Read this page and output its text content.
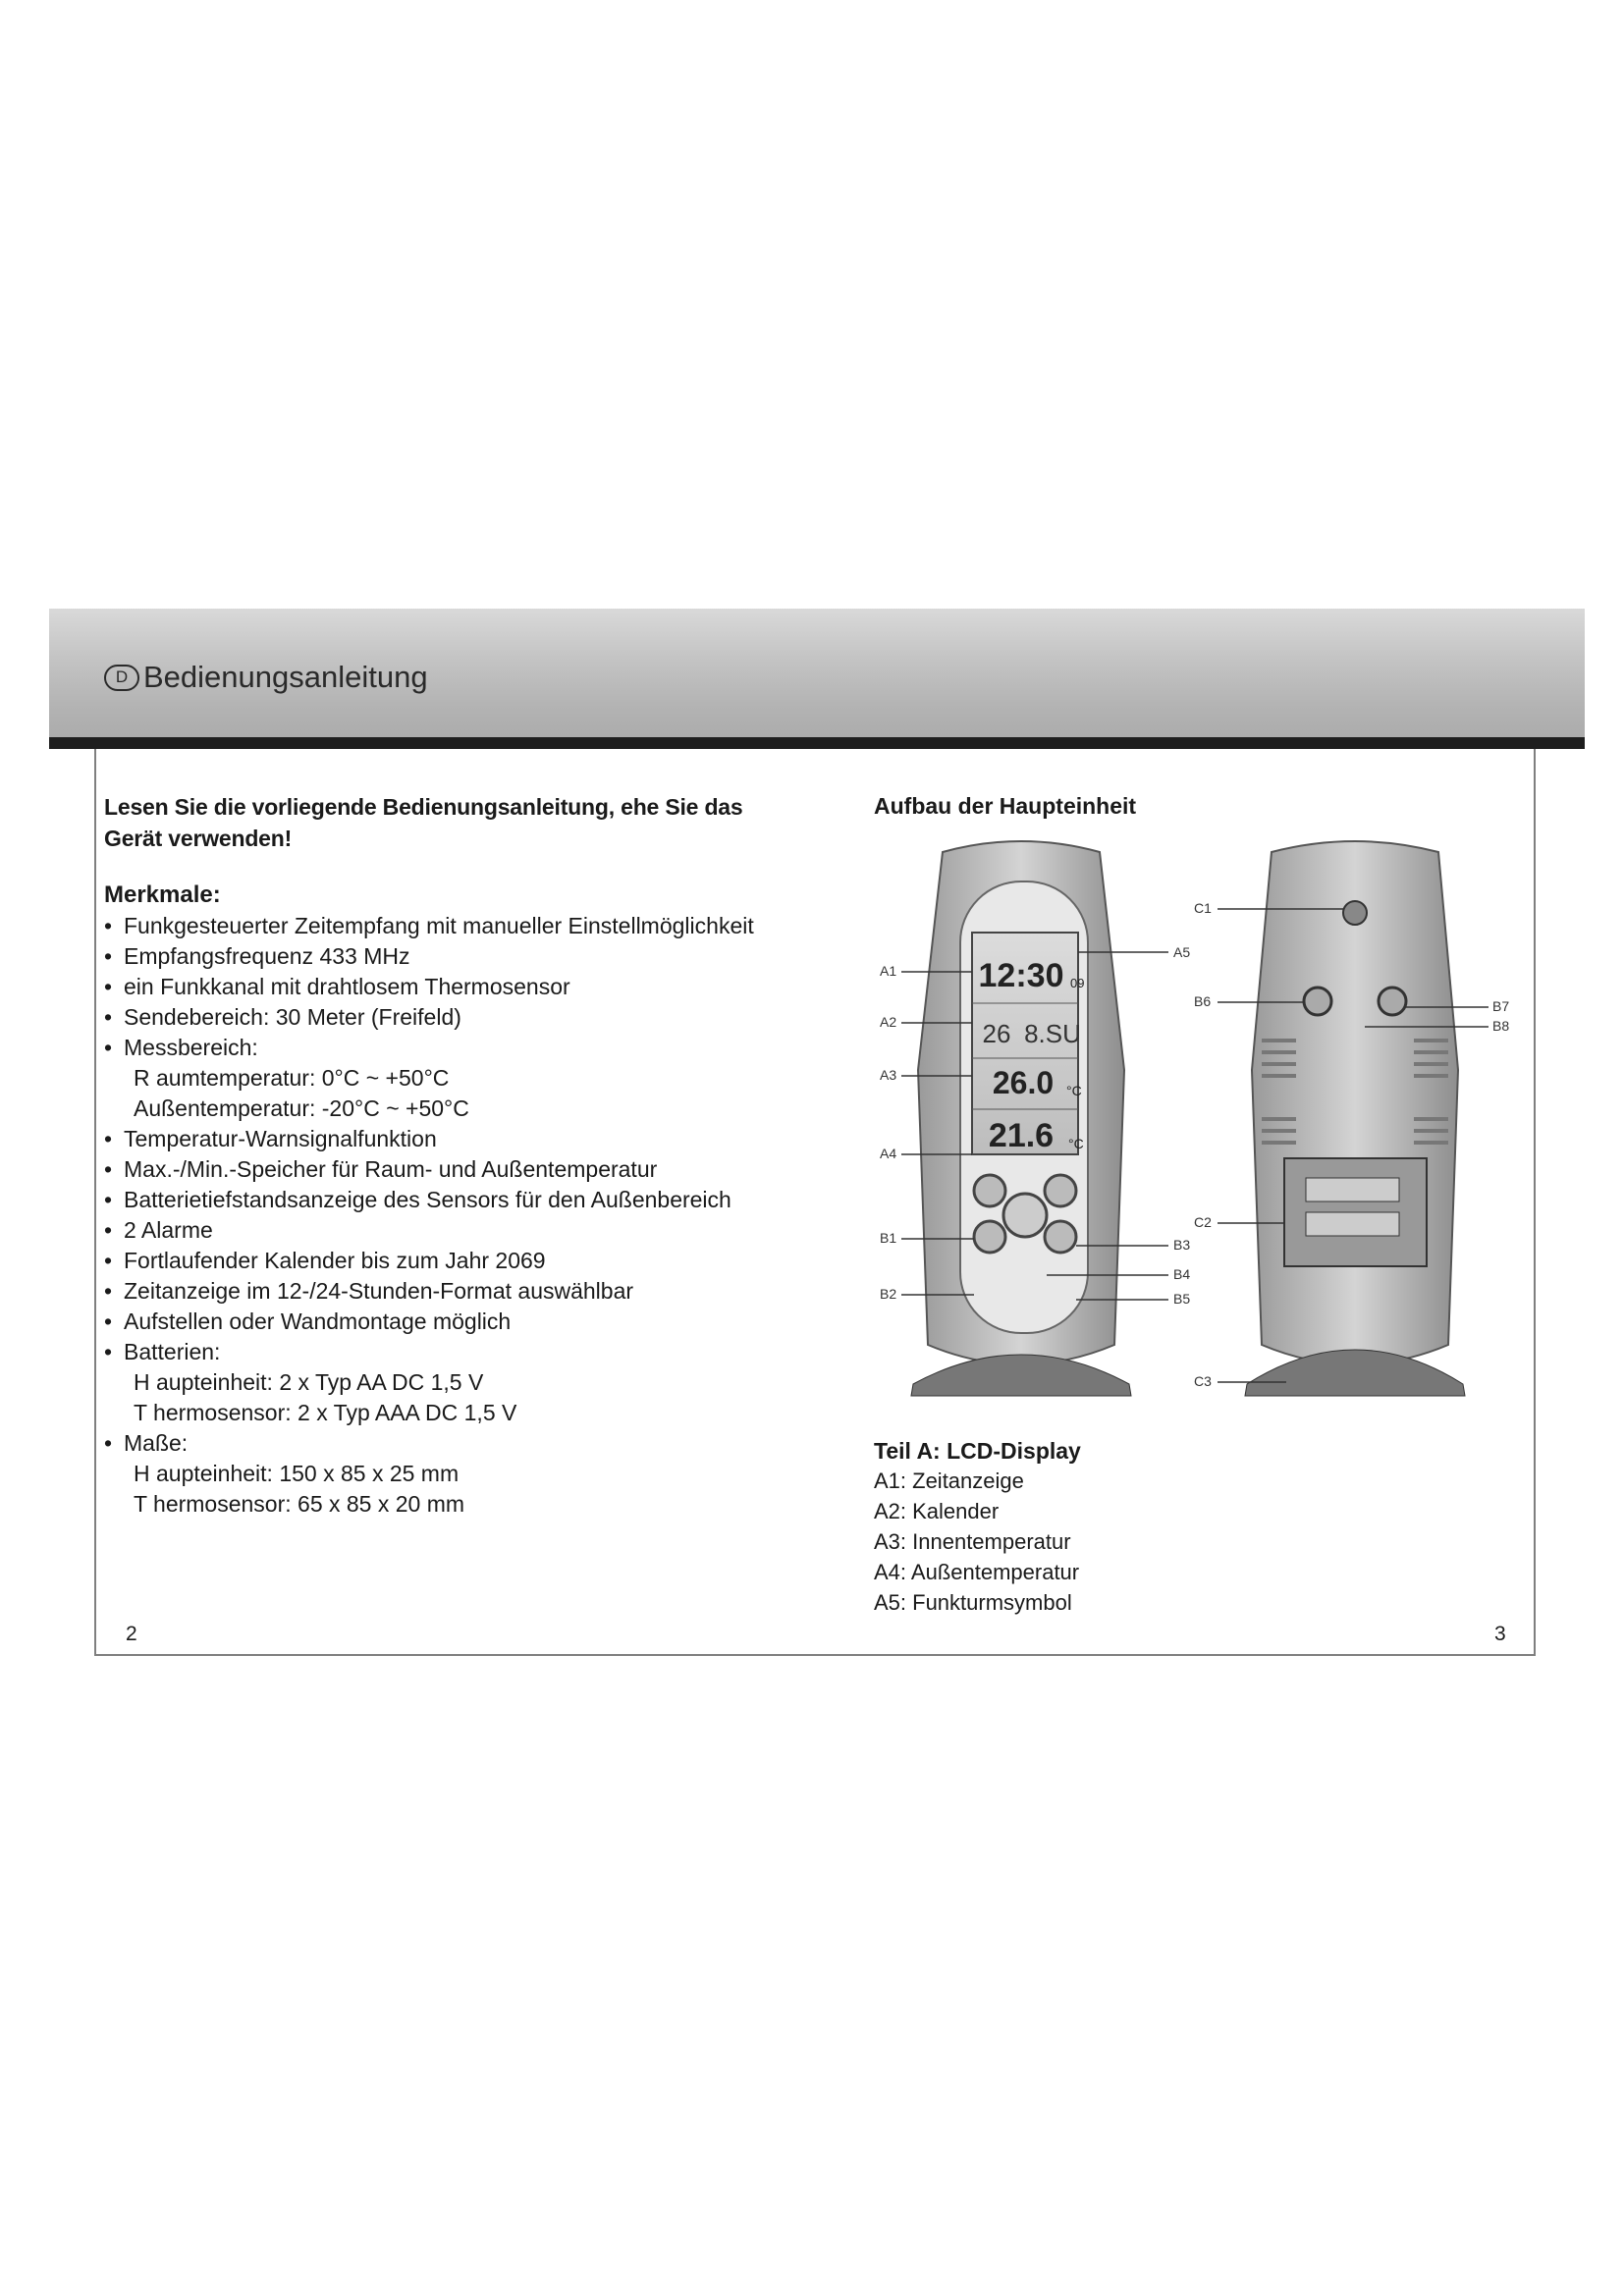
D Bedienungsanleitung
Lesen Sie die vorliegende Bedienungsanleitung, ehe Sie das
Gerät verwenden!
Merkmale:
• Funkgesteuerter Zeitempfang mit manueller Einstellmöglichkeit
• Empfangsfrequenz 433 MHz
• ein Funkkanal mit drahtlosem Thermosensor
• Sendebereich: 30 Meter (Freifeld)
• Messbereich:
R aumtemperatur: 0°C ~ +50°C
Außentemperatur: -20°C ~ +50°C
• Temperatur-Warnsignalfunktion
• Max.-/Min.-Speicher für Raum- und Außentemperatur
• Batterietiefstandsanzeige des Sensors für den Außenbereich
• 2 Alarme
• Fortlaufender Kalender bis zum Jahr 2069
• Zeitanzeige im 12-/24-Stunden-Format auswählbar
• Aufstellen oder Wandmontage möglich
• Batterien:
H aupteinheit: 2 x Typ AA DC 1,5 V
T hermosensor: 2 x Typ AAA DC 1,5 V
• Maße:
H aupteinheit: 150 x 85 x 25 mm
T hermosensor: 65 x 85 x 20 mm
2
Aufbau der Haupteinheit
12:30 09
26 8.SU
26.0
21.6
°C
°C
A1
A2
A3
A4
A5
B1
B2
B3
B4
B5
B6	B7
B8
C1
C2
C3
Teil A: LCD-Display
A1: Zeitanzeige
A2: Kalender
A3: Innentemperatur
A4: Außentemperatur
A5: Funkturmsymbol
3
